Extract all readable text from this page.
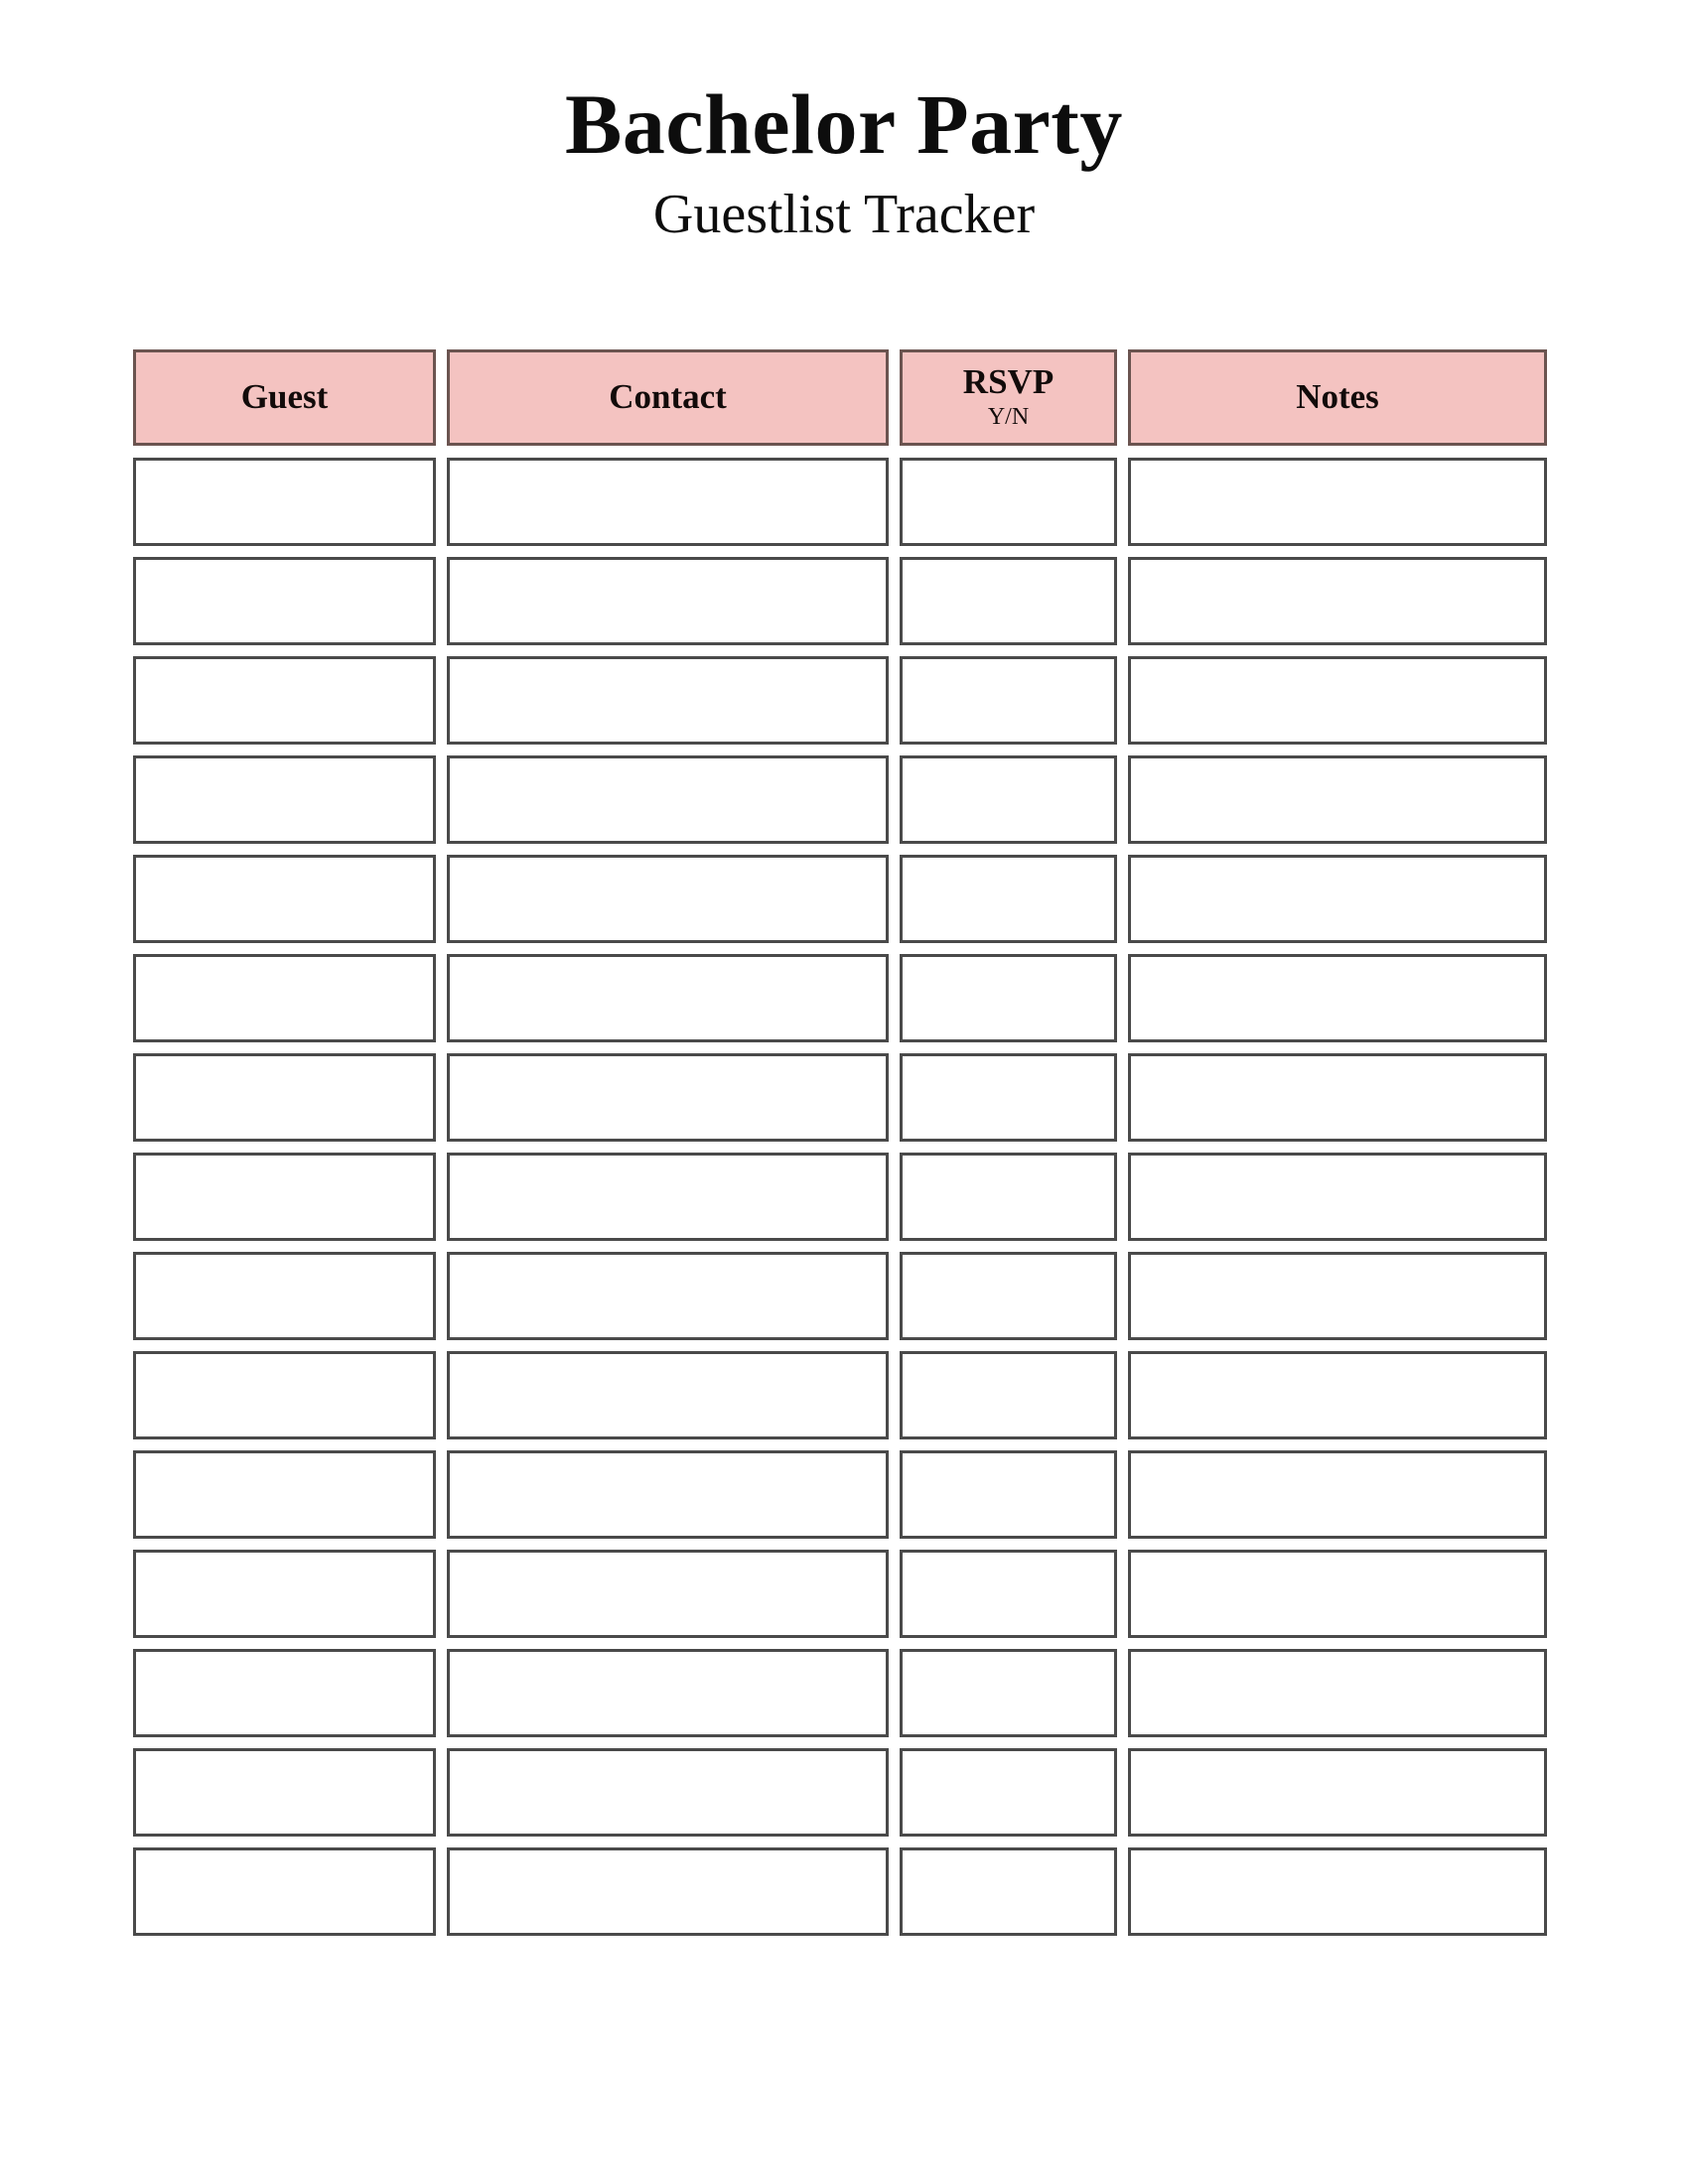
Bachelor Party
Guestlist Tracker
Guest	Contact	RSVP
Y/N
Notes
